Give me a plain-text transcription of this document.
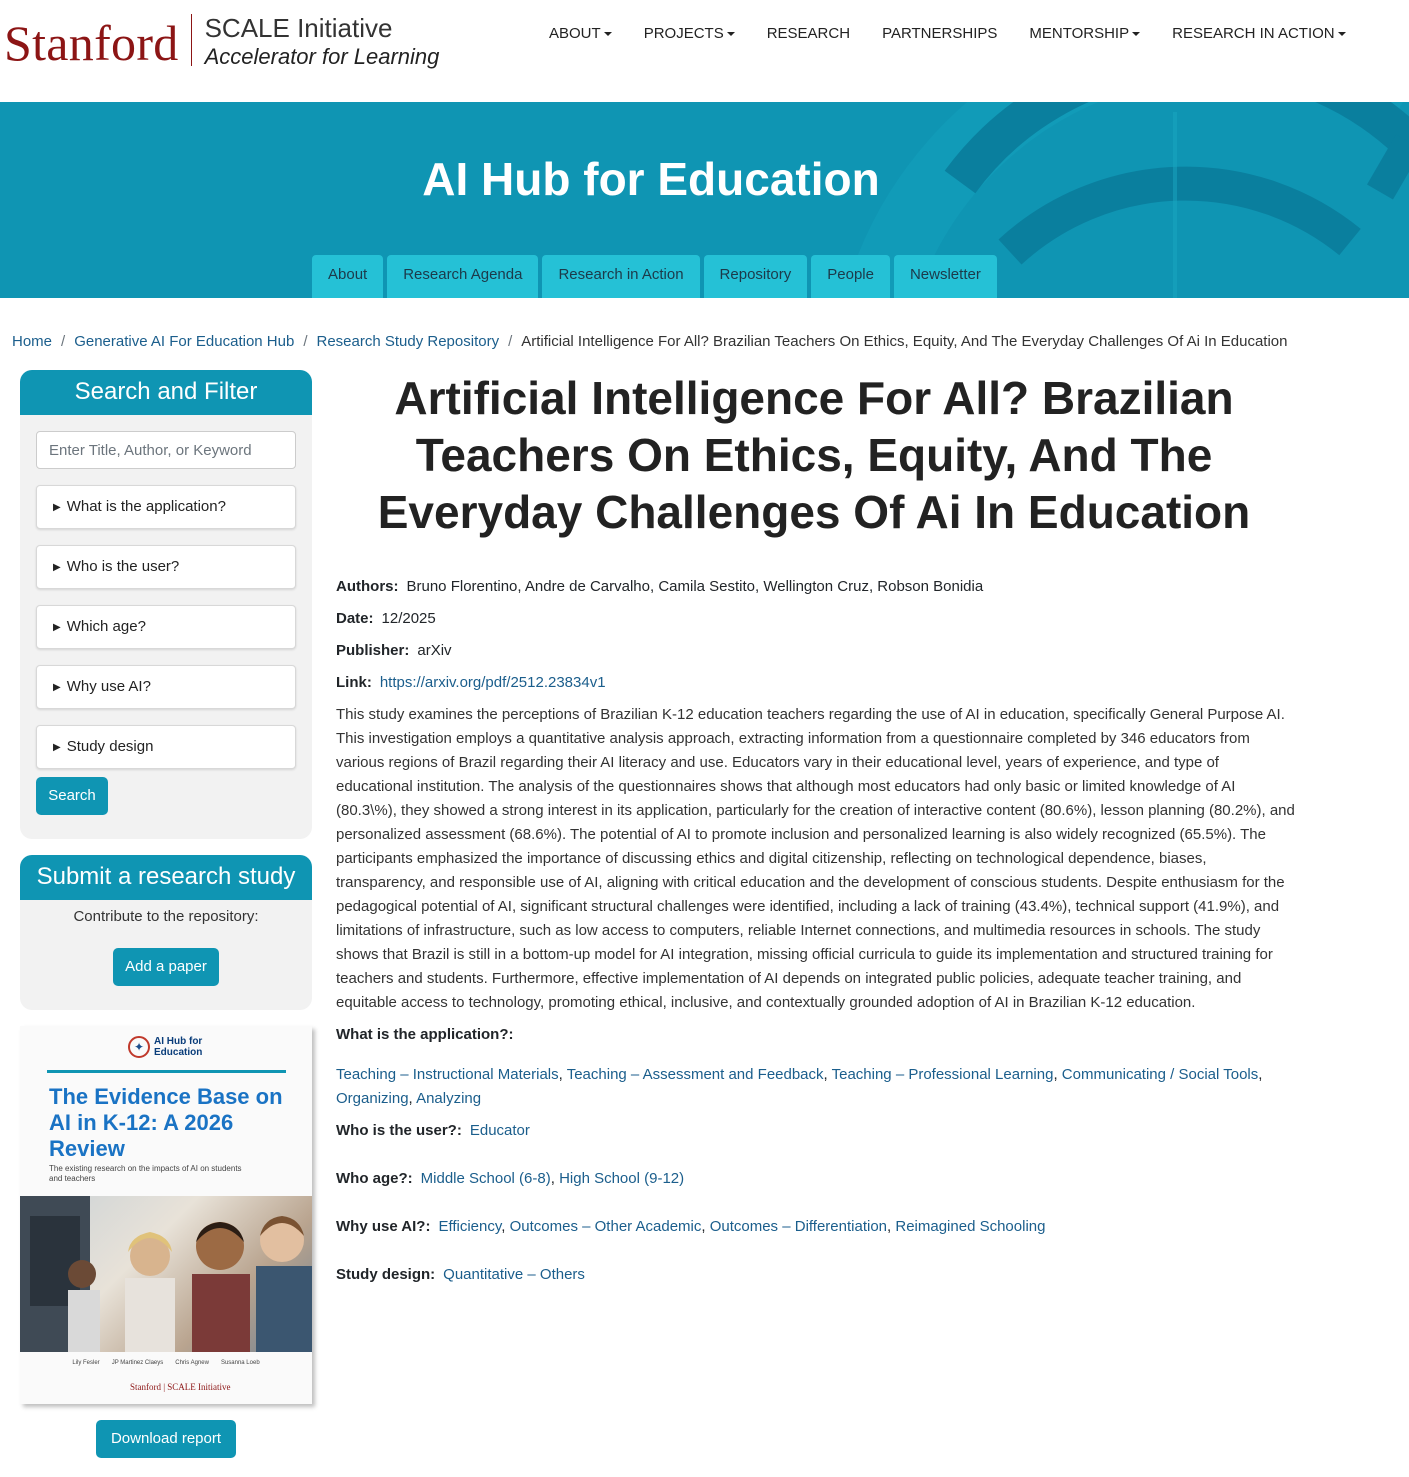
Stanford SCALE Initiative
Accelerator for Learning
ABOUT	PROJECTS	RESEARCH PARTNERSHIPS MENTORSHIP	RESEARCH IN ACTION
AI Hub for Education
About	Research Agenda	Research in Action	Repository	People	Newsletter
Home / Generative AI For Education Hub / Research Study Repository / Artificial Intelligence For All? Brazilian Teachers On Ethics, Equity, And The Everyday Challenges Of Ai In Education
Search and Filter
Enter Title, Author, or Keyword
▶ What is the application?
▶ Who is the user?
▶ Which age?
▶ Why use AI?
▶ Study design
Search
Submit a research study
Contribute to the repository:
Add a paper
✦ AI Hub for
Education
The Evidence Base on AI in K-12: A 2026 Review
The existing research on the impacts of AI on students and teachers
Lily Fesler JP Martinez Claeys Chris Agnew Susanna Loeb
Stanford | SCALE Initiative
Download report
Artificial Intelligence For All? Brazilian Teachers On Ethics, Equity, And The Everyday Challenges Of Ai In Education
Authors: Bruno Florentino, Andre de Carvalho, Camila Sestito, Wellington Cruz, Robson Bonidia
Date: 12/2025
Publisher: arXiv
Link: https://arxiv.org/pdf/2512.23834v1

This study examines the perceptions of Brazilian K-12 education teachers regarding the use of AI in education, specifically General Purpose AI. This investigation employs a quantitative analysis approach, extracting information from a questionnaire completed by 346 educators from various regions of Brazil regarding their AI literacy and use. Educators vary in their educational level, years of experience, and type of educational institution. The analysis of the questionnaires shows that although most educators had only basic or limited knowledge of AI (80.3\%), they showed a strong interest in its application, particularly for the creation of interactive content (80.6%), lesson planning (80.2%), and personalized assessment (68.6%). The potential of AI to promote inclusion and personalized learning is also widely recognized (65.5%). The participants emphasized the importance of discussing ethics and digital citizenship, reflecting on technological dependence, biases, transparency, and responsible use of AI, aligning with critical education and the development of conscious students. Despite enthusiasm for the pedagogical potential of AI, significant structural challenges were identified, including a lack of training (43.4%), technical support (41.9%), and limitations of infrastructure, such as low access to computers, reliable Internet connections, and multimedia resources in schools. The study shows that Brazil is still in a bottom-up model for AI integration, missing official curricula to guide its implementation and structured training for teachers and students. Furthermore, effective implementation of AI depends on integrated public policies, adequate teacher training, and equitable access to technology, promoting ethical, inclusive, and contextually grounded adoption of AI in Brazilian K-12 education.

What is the application?:
Teaching – Instructional Materials, Teaching – Assessment and Feedback, Teaching – Professional Learning, Communicating / Social Tools, Organizing, Analyzing
Who is the user?: Educator
Who age?: Middle School (6-8), High School (9-12)
Why use AI?: Efficiency, Outcomes – Other Academic, Outcomes – Differentiation, Reimagined Schooling
Study design: Quantitative – Others
